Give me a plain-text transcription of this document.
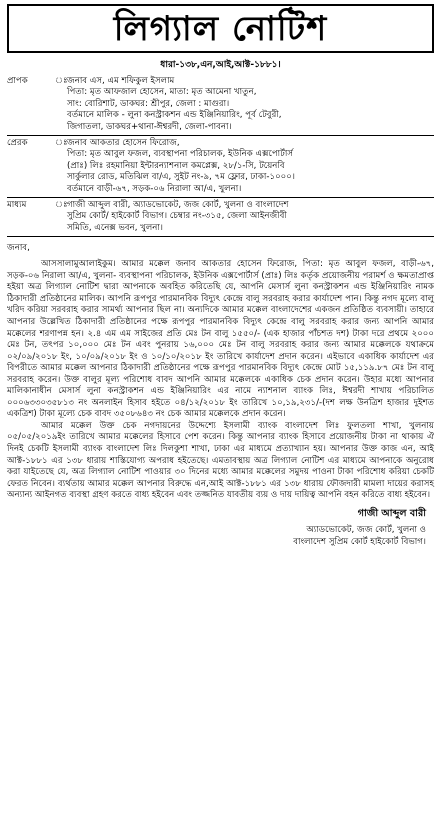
লিগ্যাল নোটিশ
ধারা-১৩৮,এন,আই,আক্ট-১৮৮১।
প্রাপক	ঃ জনাব এস, এম শফিকুল ইসলাম
পিতা: মৃত আফজাল হোসেন, মাতা: মৃত আমেনা খাতুন,
সাং: বোরিশাট, ডাকঘর: শ্রীপুর, জেলা : মাগুরা।
বর্তমানে মালিক - লুনা কনস্ট্রাকশন এন্ড ইঞ্জিনিয়ারিং, পূর্ব টেবুরী,
জিগাতলা, ডাকঘর+থানা-ঈশ্বরদী, জেলা-পাবনা।
প্রেরক	ঃ জনাব আকতার হোসেন ফিরোজ,
পিতা: মৃত আবুল ফজল, ব্যবস্থাপনা পরিচালক, ইউনিক এক্সপোর্টার্স
(প্রাঃ) লিঃ রহমানিয়া ইন্টারন্যাশনাল কমপ্লেক্স, ২৮/১-সি, টয়েনবি
সার্কুলার রোড, মতিঝিল বা/এ, সুইট নং-৯, ৭ম ফ্লোর, ঢাকা-১০০০।
বর্তমানে বাড়ী-৬৭, সড়ক-০৬ নিরালা আ/এ, খুলনা।
মাধ্যম	ঃ গাজী আব্দুল বারী, অ্যাডভোকেট, জজ কোর্ট, খুলনা ও বাংলাদেশ
সুপ্রিম কোর্ট/ হাইকোর্ট বিভাগ। চেম্বার নং-৩১৫, জেলা আইনজীবী
সমিতি, এনেক্স ভবন, খুলনা।
জনাব,

আসসালামুআলাইকুম। আমার মক্কেল জনাব আকতার হোসেন ফিরোজ, পিতা: মৃত আবুল ফজল, বাড়ী-৬৭, সড়ক-০৬ নিরালা আ/এ, খুলনা- ব্যবস্থাপনা পরিচালক, ইউনিক এক্সপোর্টার্স (প্রাঃ) লিঃ কর্তৃক প্রয়োজনীয় পরামর্শ ও ক্ষমতাপ্রাপ্ত হইয়া অত্র লিগ্যাল নোটিশ দ্বারা আপনাকে অবহিত করিতেছি যে, আপনি মেসার্স লুনা কনস্ট্রাকশন এন্ড ইঞ্জিনিয়ারিং নামক ঠিকাদারী প্রতিষ্ঠানের মালিক। আপনি রূপপুর পারমানবিক বিদ্যুৎ কেন্দ্রে বালু সরবরাহ করার কার্যাদেশ পান। কিন্তু নগদ মূল্যে বালু খরিদ করিয়া সরবরাহ করার সামর্থ্য আপনার ছিল না। অন্যদিকে আমার মক্কেল বাংলাদেশের একজন প্রতিষ্ঠিত ব্যবসায়ী। তাহারে আপনার উল্লেখিত ঠিকাদারী প্রতিষ্ঠানের পক্ষে রূপপুর পারমানবিক বিদ্যুৎ কেন্দ্রে বালু সরবরাহ করার জন্য আপনি আমার মক্কেলের শরণাপন্ন হন। ২.৪ এম এম সাইজের প্রতি মেঃ টন বালু ১৫৫০/- (এক হাজার পাঁচশত দশ) টাকা দরে প্রথমে ২০০০ মেঃ টন, তৎপর ১০,০০০ মেঃ টন এবং পুনরায় ১৬,০০০ মেঃ টন বালু সরবরাহ করার জন্য আমার মক্কেলকে যথাক্রমে ০২/০৯/২০১৮ ইং, ১০/০৯/২০১৮ ইং ও ১০/১০/২০১৮ ইং তারিখে কার্যাদেশ প্রদান করেন। এইভাবে একাধিক কার্যাদেশ এর বিপরীতে আমার মক্কেল আপনার ঠিকাদারী প্রতিষ্ঠানের পক্ষে রূপপুর পারমানবিক বিদ্যুৎ কেন্দ্রে মোট ১৫,১১৯.৮৭ মেঃ টন বালু সরবরাহ করেন। উক্ত বালুর মূল্য পরিশোধ বাবদ আপনি আমার মক্কেলকে একাধিক চেক প্রদান করেন। উহার মধ্যে আপনার মালিকানাধীন মেসার্স লুনা কনস্ট্রাকশন এন্ড ইঞ্জিনিয়ারিং এর নামে ন্যাশনাল ব্যাংক লিঃ, ঈশ্বরদী শাখায় পরিচালিত ০০০৬৩৩০৩৫৮১৩ নং অনলাইন হিসাব হইতে ০৪/১২/২০১৮ ইং তারিখে ১০,১৯,২৩১/-(দশ লক্ষ উনত্রিশ হাজার দুইশত একত্রিশ) টাকা মূল্যে চেক বাবদ ৩৫০৮৬৪৩ নং চেক আমার মক্কেলকে প্রদান করেন।

আমার মক্কেল উক্ত চেক নগদায়নের উদ্দেশ্যে ইসলামী ব্যাংক বাংলাদেশ লিঃ ফুলতলা শাখা, খুলনায় ০৫/০৫/২০১৯ইং তারিখে আমার মক্কেলের হিসাবে পেশ করেন। কিন্তু আপনার ব্যাংক হিসাবে প্রয়োজনীয় টাকা না থাকায় ঐ দিনই চেকটি ইসলামী ব্যাংক বাংলাদেশ লিঃ দিলকুশা শাখা, ঢাকা এর মাধ্যমে প্রত্যাখ্যান হয়। আপনার উক্ত কাজ এন, আই আক্ট-১৮৮১ এর ১৩৮ ধারায় শাস্তিযোগ্য অপরাধ হইতেছে। এমতাবস্থায় অত্র লিগ্যাল নোটিশ এর মাধ্যমে আপনাকে অনুরোধ করা যাইতেছে যে, অত্র লিগ্যাল নোটিশ পাওয়ার ৩০ দিনের মধ্যে আমার মক্কেলের সমুদয় পাওনা টাকা পরিশোধ করিয়া চেকটি ফেরত নিবেন। ব্যর্থতায় আমার মক্কেল আপনার বিরুদ্ধে এন,আই আক্ট-১৮৮১ এর ১৩৮ ধারায় ফৌজদারী মামলা দায়ের করাসহ অন্যান্য আইনগত ব্যবস্থা গ্রহণ করতে বাধ্য হইবেন এবং তজ্জনিত যাবতীয় ব্যয় ও দায় দায়িত্ব আপনি বহন করিতে বাধ্য হইবেন।

গাজী আব্দুল বারী
অ্যাডভোকেট, জজ কোর্ট, খুলনা ও
বাংলাদেশ সুপ্রিম কোর্ট হাইকোর্ট বিভাগ।
